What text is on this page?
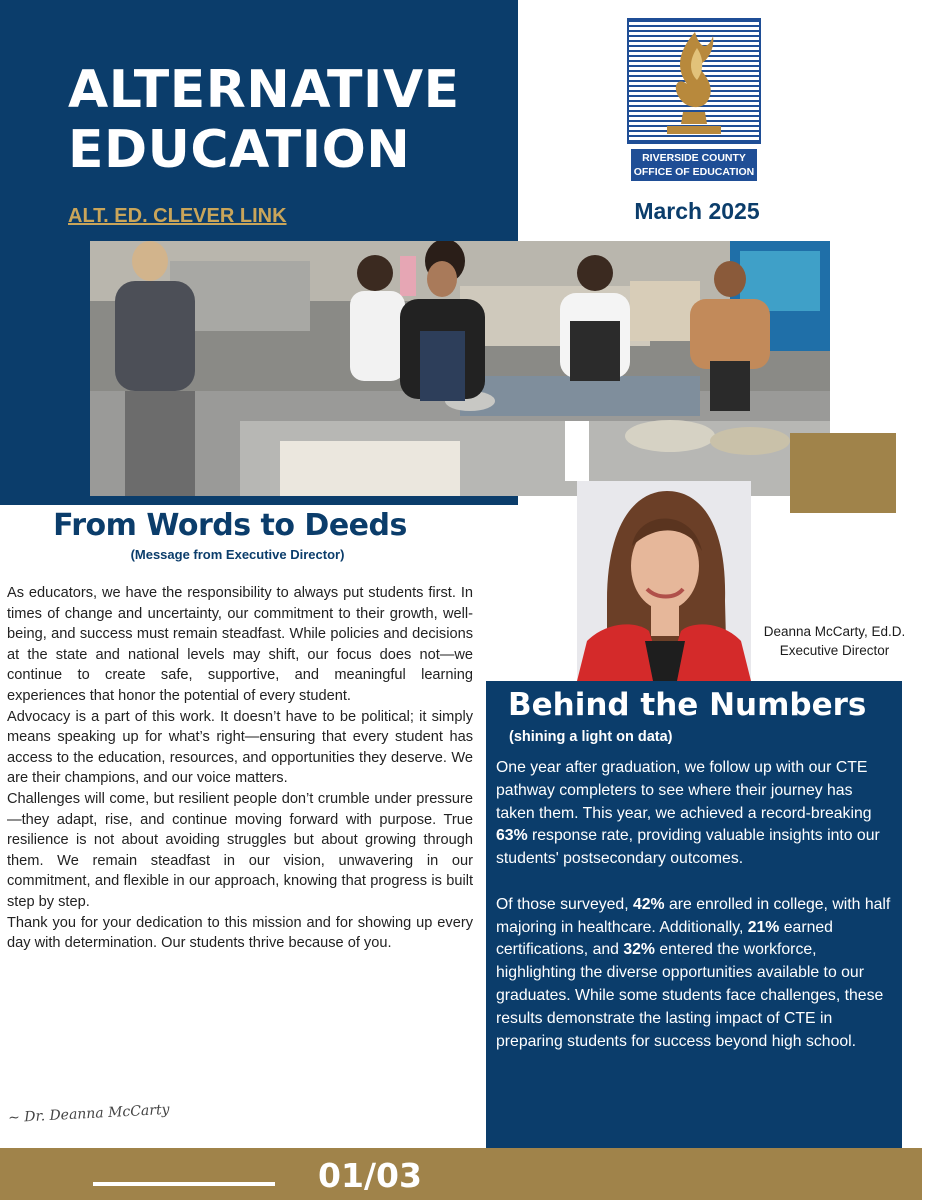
ALTERNATIVE EDUCATION
ALT. ED. CLEVER LINK
RIVERSIDE COUNTY
OFFICE OF EDUCATION
March 2025
Deanna McCarty, Ed.D.
Executive Director
From Words to Deeds
(Message from Executive Director)

As educators, we have the responsibility to always put students first. In times of change and uncertainty, our commitment to their growth, well-being, and success must remain steadfast. While policies and decisions at the state and national levels may shift, our focus does not—we continue to create safe, supportive, and meaningful learning experiences that honor the potential of every student.

Advocacy is a part of this work. It doesn’t have to be political; it simply means speaking up for what’s right—ensuring that every student has access to the education, resources, and opportunities they deserve. We are their champions, and our voice matters.

Challenges will come, but resilient people don’t crumble under pressure—they adapt, rise, and continue moving forward with purpose. True resilience is not about avoiding struggles but about growing through them. We remain steadfast in our vision, unwavering in our commitment, and flexible in our approach, knowing that progress is built step by step.

Thank you for your dedication to this mission and for showing up every day with determination. Our students thrive because of you.

~ Dr. Deanna McCarty
Behind the Numbers
(shining a light on data)

One year after graduation, we follow up with our CTE pathway completers to see where their journey has taken them. This year, we achieved a record-breaking 63% response rate, providing valuable insights into our students' postsecondary outcomes.

Of those surveyed, 42% are enrolled in college, with half majoring in healthcare. Additionally, 21% earned certifications, and 32% entered the workforce, highlighting the diverse opportunities available to our graduates. While some students face challenges, these results demonstrate the lasting impact of CTE in preparing students for success beyond high school.

01/03
